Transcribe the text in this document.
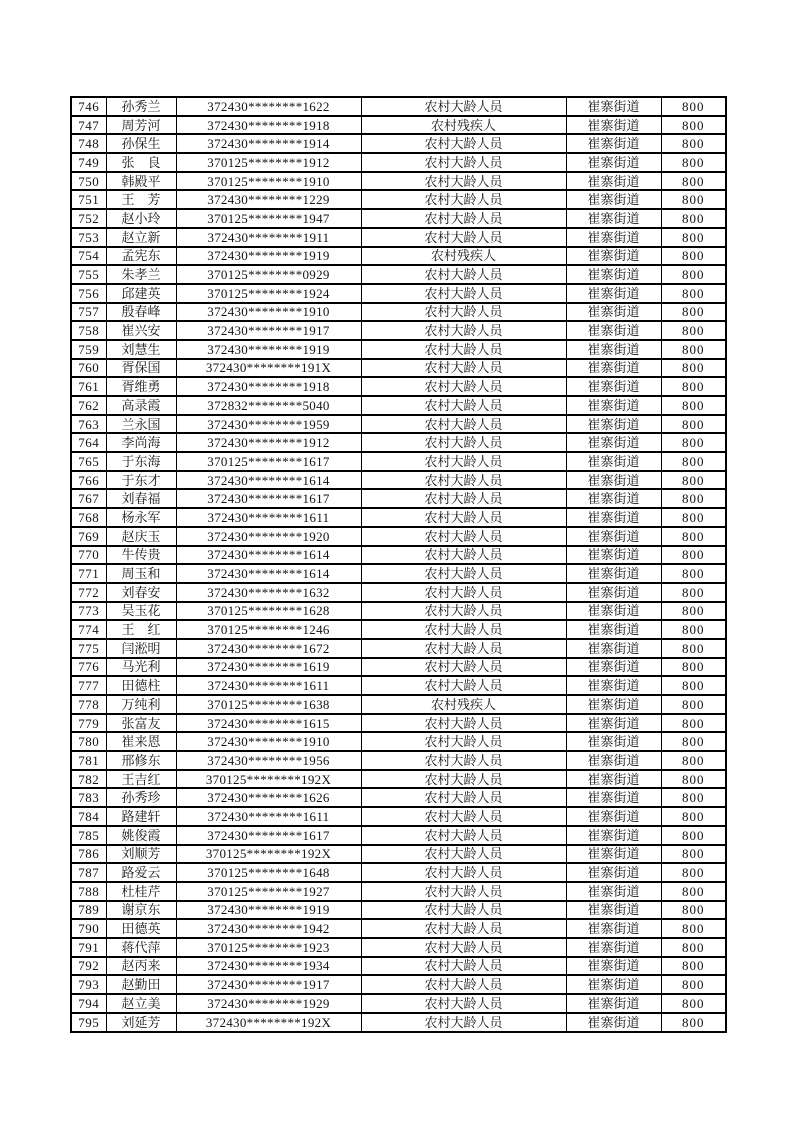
746	孙秀兰	372430********1622	农村大龄人员	崔寨街道	800
747	周芳河	372430********1918	农村残疾人	崔寨街道	800
748	孙保生	372430********1914	农村大龄人员	崔寨街道	800
749	张　良	370125********1912	农村大龄人员	崔寨街道	800
750	韩殿平	370125********1910	农村大龄人员	崔寨街道	800
751	王　芳	372430********1229	农村大龄人员	崔寨街道	800
752	赵小玲	370125********1947	农村大龄人员	崔寨街道	800
753	赵立新	372430********1911	农村大龄人员	崔寨街道	800
754	孟宪东	372430********1919	农村残疾人	崔寨街道	800
755	朱孝兰	370125********0929	农村大龄人员	崔寨街道	800
756	邱建英	370125********1924	农村大龄人员	崔寨街道	800
757	殷春峰	372430********1910	农村大龄人员	崔寨街道	800
758	崔兴安	372430********1917	农村大龄人员	崔寨街道	800
759	刘慧生	372430********1919	农村大龄人员	崔寨街道	800
760	胥保国	372430********191X	农村大龄人员	崔寨街道	800
761	胥维勇	372430********1918	农村大龄人员	崔寨街道	800
762	高录霞	372832********5040	农村大龄人员	崔寨街道	800
763	兰永国	372430********1959	农村大龄人员	崔寨街道	800
764	李尚海	372430********1912	农村大龄人员	崔寨街道	800
765	于东海	370125********1617	农村大龄人员	崔寨街道	800
766	于东才	372430********1614	农村大龄人员	崔寨街道	800
767	刘春福	372430********1617	农村大龄人员	崔寨街道	800
768	杨永军	372430********1611	农村大龄人员	崔寨街道	800
769	赵庆玉	372430********1920	农村大龄人员	崔寨街道	800
770	牛传贵	372430********1614	农村大龄人员	崔寨街道	800
771	周玉和	372430********1614	农村大龄人员	崔寨街道	800
772	刘春安	372430********1632	农村大龄人员	崔寨街道	800
773	吴玉花	370125********1628	农村大龄人员	崔寨街道	800
774	王　红	370125********1246	农村大龄人员	崔寨街道	800
775	闫淞明	372430********1672	农村大龄人员	崔寨街道	800
776	马光利	372430********1619	农村大龄人员	崔寨街道	800
777	田德柱	372430********1611	农村大龄人员	崔寨街道	800
778	万纯利	370125********1638	农村残疾人	崔寨街道	800
779	张富友	372430********1615	农村大龄人员	崔寨街道	800
780	崔来恩	372430********1910	农村大龄人员	崔寨街道	800
781	邢修东	372430********1956	农村大龄人员	崔寨街道	800
782	王吉红	370125********192X	农村大龄人员	崔寨街道	800
783	孙秀珍	372430********1626	农村大龄人员	崔寨街道	800
784	路建轩	372430********1611	农村大龄人员	崔寨街道	800
785	姚俊霞	372430********1617	农村大龄人员	崔寨街道	800
786	刘顺芳	370125********192X	农村大龄人员	崔寨街道	800
787	路爱云	370125********1648	农村大龄人员	崔寨街道	800
788	杜桂芹	370125********1927	农村大龄人员	崔寨街道	800
789	谢京东	372430********1919	农村大龄人员	崔寨街道	800
790	田德英	372430********1942	农村大龄人员	崔寨街道	800
791	蒋代萍	370125********1923	农村大龄人员	崔寨街道	800
792	赵丙来	372430********1934	农村大龄人员	崔寨街道	800
793	赵勤田	372430********1917	农村大龄人员	崔寨街道	800
794	赵立美	372430********1929	农村大龄人员	崔寨街道	800
795	刘延芳	372430********192X	农村大龄人员	崔寨街道	800
